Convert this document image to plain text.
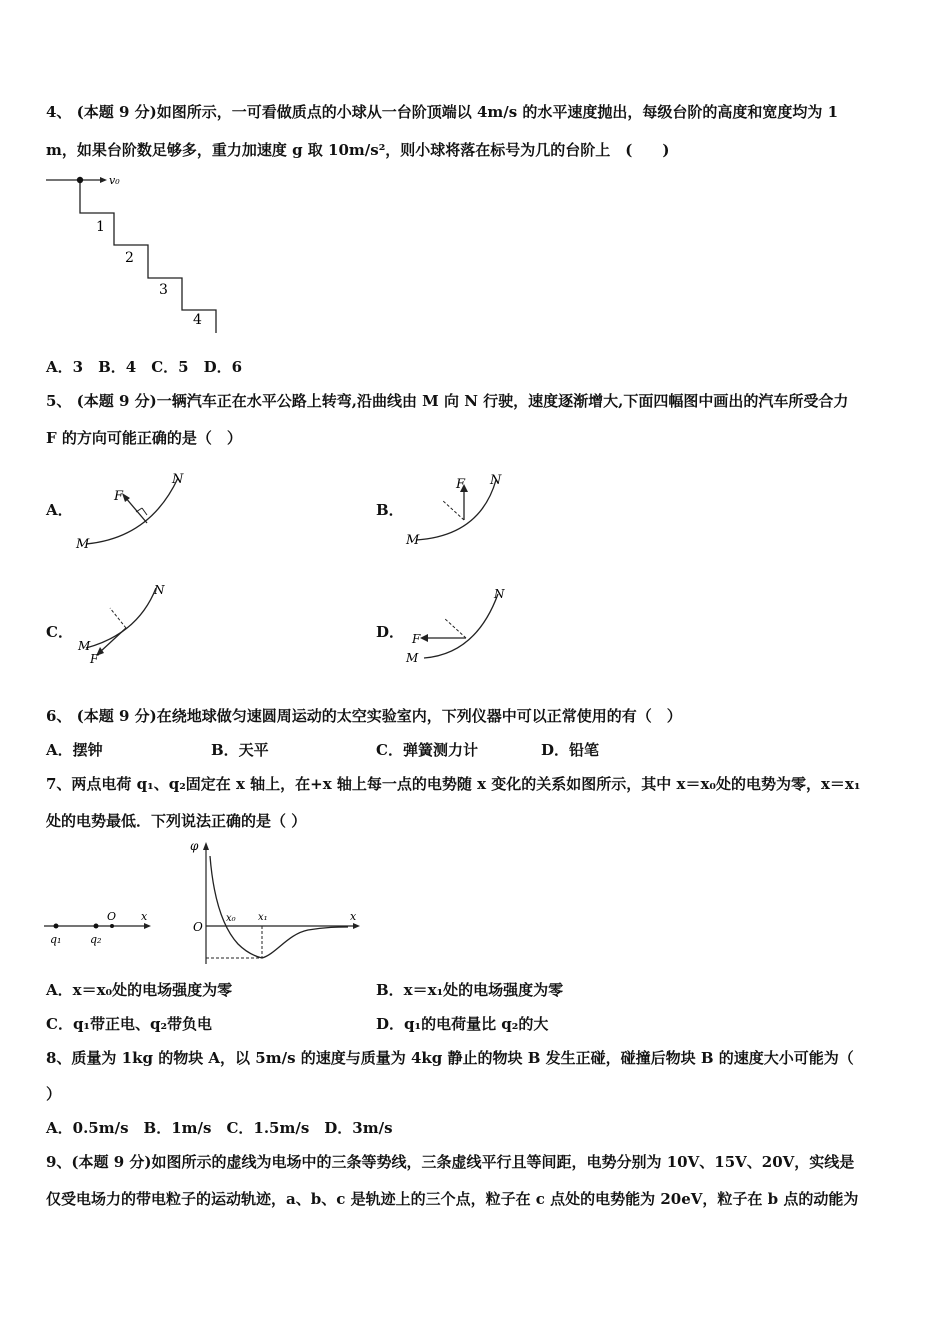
4、 (本题 9 分)如图所示，一可看做质点的小球从一台阶顶端以 4m/s 的水平速度抛出，每级台阶的高度和宽度均为 1
m，如果台阶数足够多，重力加速度 g 取 10m/s²，则小球将落在标号为几的台阶上　(　　)
v₀
1
2
3
4
A．3　B．4　C．5　D．6
5、 (本题 9 分)一辆汽车正在水平公路上转弯,沿曲线由 M 向 N 行驶，速度逐渐增大,下面四幅图中画出的汽车所受合力
F 的方向可能正确的是（　）
A．
F
N
M
B．
F N
M
C．
N
M
F
D．
N
F
M
6、 (本题 9 分)在绕地球做匀速圆周运动的太空实验室内，下列仪器中可以正常使用的有（　）
A．摆钟	B．天平	C．弹簧测力计	D．铅笔
7、两点电荷 q₁、q₂固定在 x 轴上，在+x 轴上每一点的电势随 x 变化的关系如图所示，其中 x＝x₀处的电势为零，x＝x₁
处的电势最低．下列说法正确的是（ ）
q₁	q₂
O x
φ
O
x₀ x₁	x
A．x＝x₀处的电场强度为零	B．x＝x₁处的电场强度为零
C．q₁带正电、q₂带负电	D．q₁的电荷量比 q₂的大
8、质量为 1kg 的物块 A，以 5m/s 的速度与质量为 4kg 静止的物块 B 发生正碰，碰撞后物块 B 的速度大小可能为（
）
A．0.5m/s　B．1m/s　C．1.5m/s　D．3m/s
9、(本题 9 分)如图所示的虚线为电场中的三条等势线，三条虚线平行且等间距，电势分别为 10V、15V、20V，实线是
仅受电场力的带电粒子的运动轨迹，a、b、c 是轨迹上的三个点，粒子在 c 点处的电势能为 20eV，粒子在 b 点的动能为
